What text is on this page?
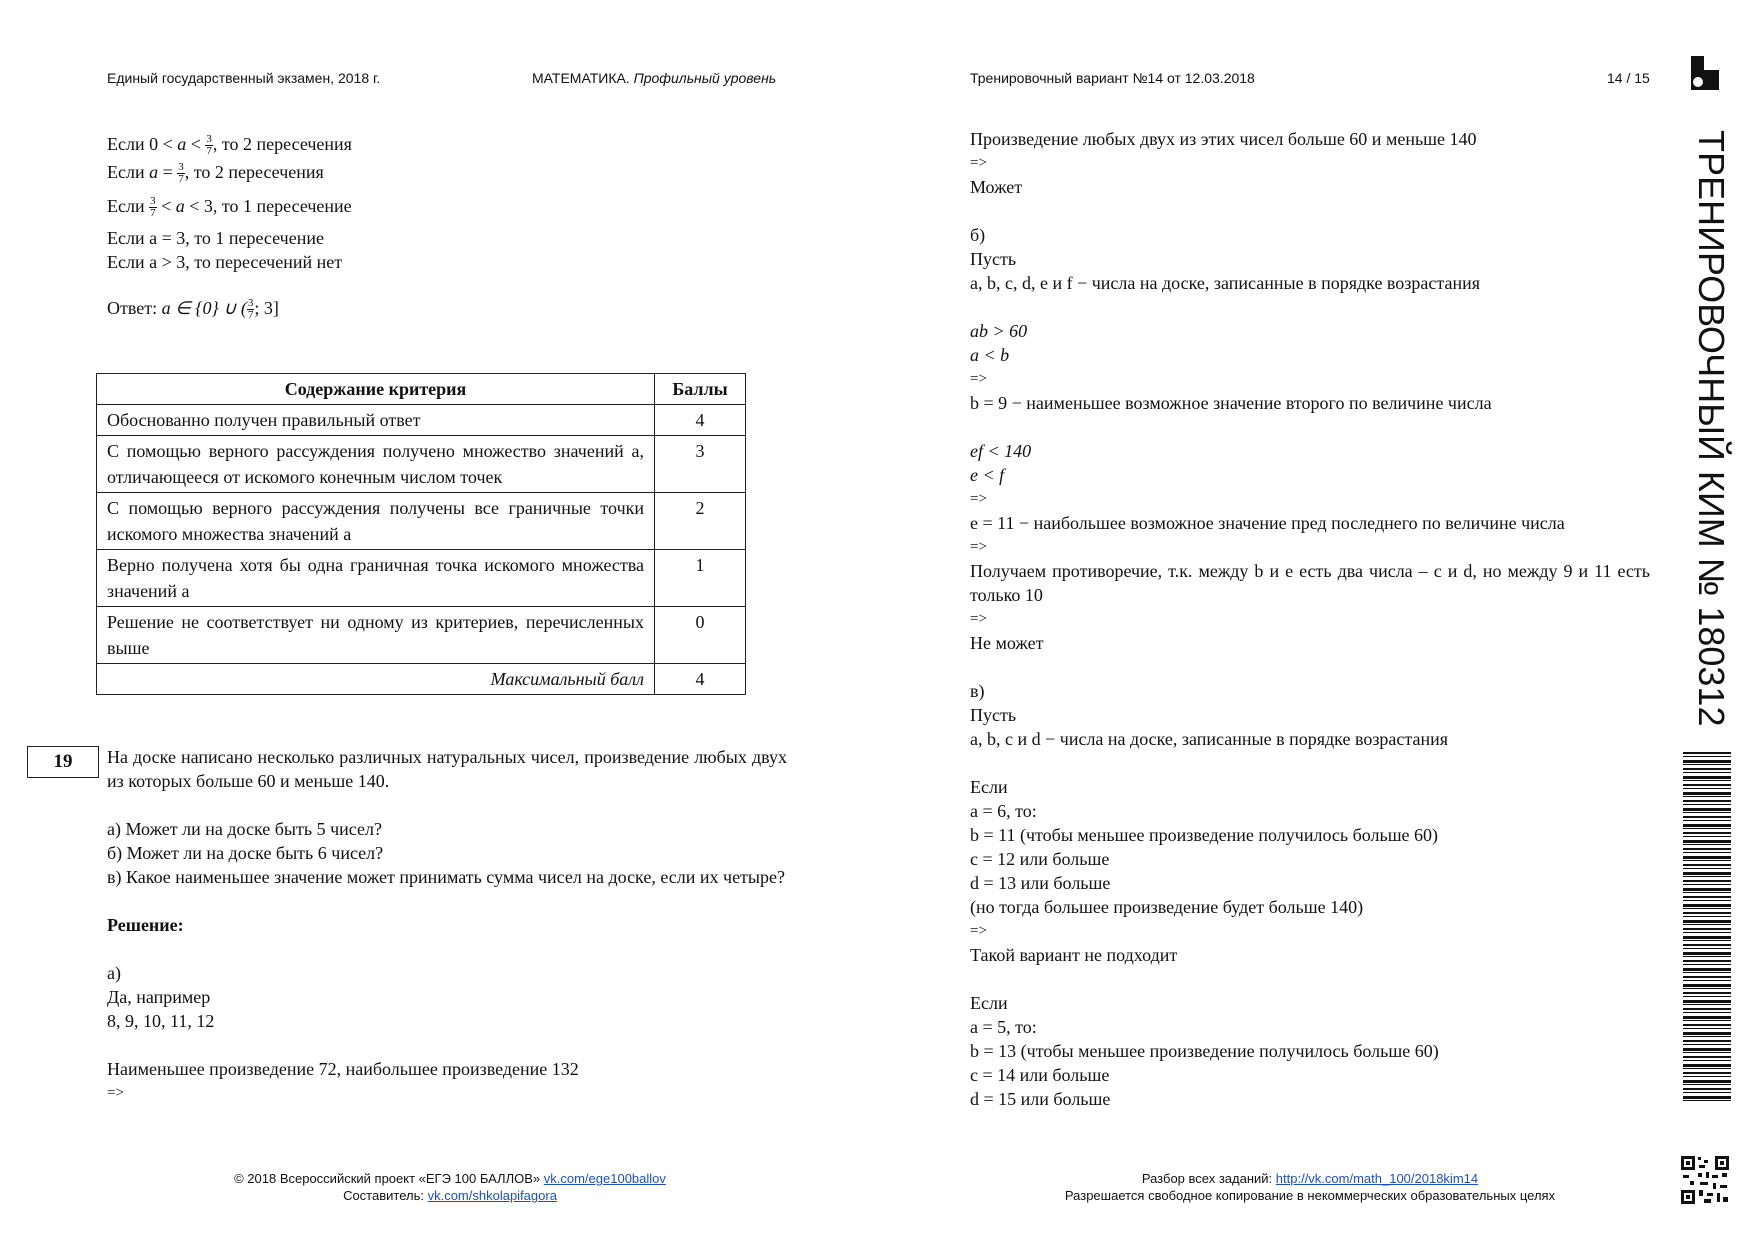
Единый государственный экзамен, 2018 г.	МАТЕМАТИКА. Профильный уровень	Тренировочный вариант №14 от 12.03.2018	14 / 15

Если $0 < a < \frac{3}{7}$ , то 2 пересечения

Если $a = \frac{3}{7}$ , то 2 пересечения

Если $\frac{3}{7} < a < 3$, то 1 пересечение

Если a = 3, то 1 пересечение

Если a > 3, то пересечений нет

Ответ: a ∈ {0} ∪ ( $\frac{3}{7}$ ; 3]

Содержание критерия	Баллы
Обоснованно получен правильный ответ	4
С помощью верного рассуждения получено множество значений а, отличающееся от искомого конечным числом точек	3
С помощью верного рассуждения получены все граничные точки искомого множества значений а	2
Верно получена хотя бы одна граничная точка искомого множества значений а	1
Решение не соответствует ни одному из критериев, перечисленных выше	0
Максимальный балл	4
19	На доске написано несколько различных натуральных чисел, произведение любых двух из которых больше 60 и меньше 140.

а) Может ли на доске быть 5 чисел?

б) Может ли на доске быть 6 чисел?

в) Какое наименьшее значение может принимать сумма чисел на доске, если их четыре?

Решение:

а)

Да, например

8, 9, 10, 11, 12

Наименьшее произведение 72, наибольшее произведение 132

=>

Произведение любых двух из этих чисел больше 60 и меньше 140

=>

Может

б)

Пусть

a, b, c, d, e и f − числа на доске, записанные в порядке возрастания

ab > 60

a < b

=>

b = 9 − наименьшее возможное значение второго по величине числа

ef < 140

e < f

=>

e = 11 − наибольшее возможное значение пред последнего по величине числа

=>

Получаем противоречие, т.к. между b и e есть два числа – c и d, но между 9 и 11 есть только 10

=>

Не может

в)

Пусть

a, b, c и d − числа на доске, записанные в порядке возрастания

Если

a = 6, то:

b = 11 (чтобы меньшее произведение получилось больше 60)

c = 12 или больше

d = 13 или больше

(но тогда большее произведение будет больше 140)

=>

Такой вариант не подходит

Если

a = 5, то:

b = 13 (чтобы меньшее произведение получилось больше 60)

c = 14 или больше

d = 15 или больше

© 2018 Всероссийский проект «ЕГЭ 100 БАЛЛОВ» vk.com/ege100ballov
Составитель: vk.com/shkolapifagora
Разбор всех заданий: http://vk.com/math_100/2018kim14
Разрешается свободное копирование в некоммерческих образовательных целях
ТРЕНИРОВОЧНЫЙ КИМ № 180312
